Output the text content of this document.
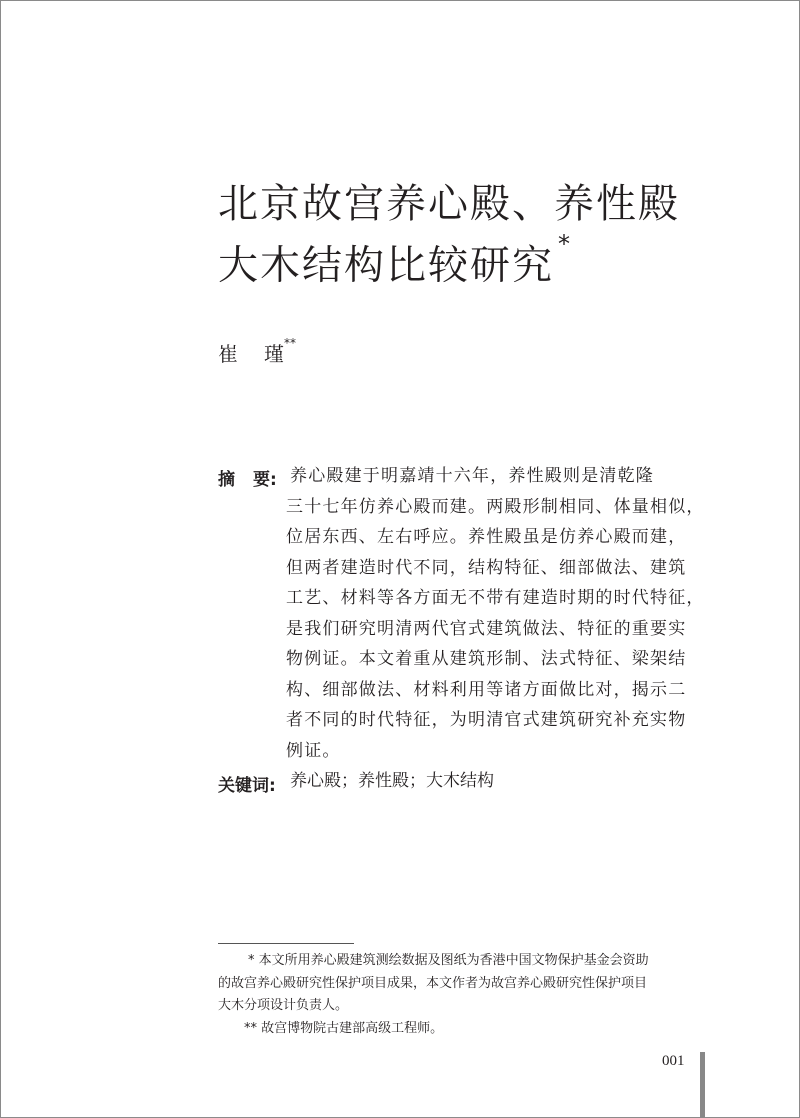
北京故宫养心殿、养性殿
大木结构比较研究 *
崔 瑾**
摘 要: 养心殿建于明嘉靖十六年，养性殿则是清乾隆
三十七年仿养心殿而建。两殿形制相同、体量相似，
位居东西、左右呼应。养性殿虽是仿养心殿而建，
但两者建造时代不同，结构特征、细部做法、建筑
工艺、材料等各方面无不带有建造时期的时代特征，
是我们研究明清两代官式建筑做法、特征的重要实
物例证。本文着重从建筑形制、法式特征、梁架结
构、细部做法、材料利用等诸方面做比对，揭示二
者不同的时代特征，为明清官式建筑研究补充实物
例证。
关键词: 养心殿；养性殿；大木结构
* 本文所用养心殿建筑测绘数据及图纸为香港中国文物保护基金会资助
的故宫养心殿研究性保护项目成果，本文作者为故宫养心殿研究性保护项目
大木分项设计负责人。
** 故宫博物院古建部高级工程师。
001
